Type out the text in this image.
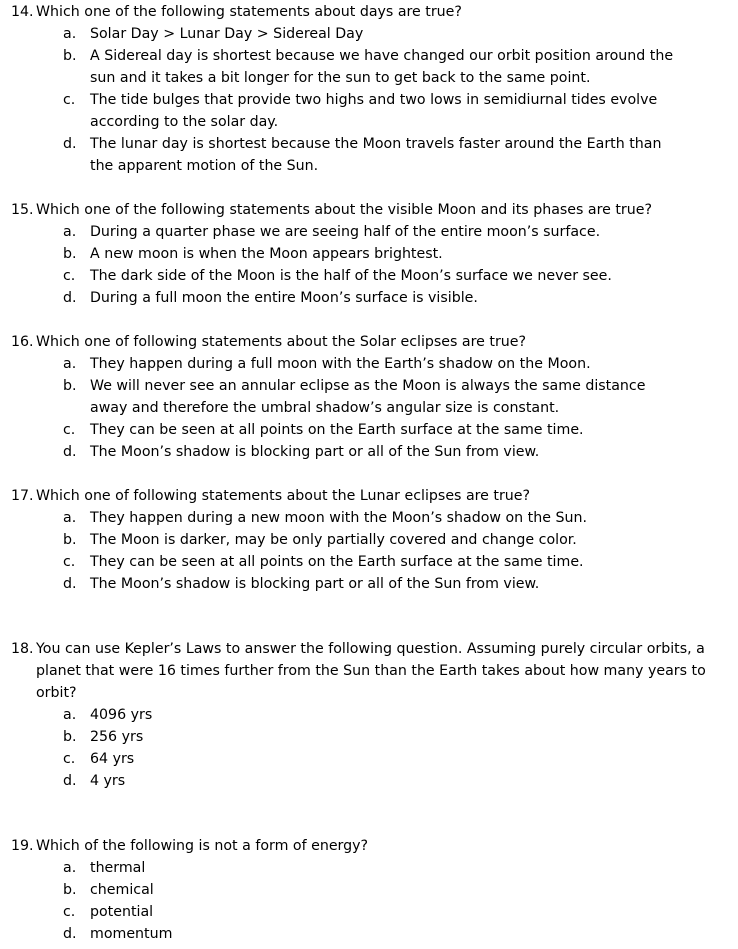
14. Which one of the following statements about days are true?
a. Solar Day > Lunar Day > Sidereal Day
b. A Sidereal day is shortest because we have changed our orbit position around the sun and it takes a bit longer for the sun to get back to the same point.
c. The tide bulges that provide two highs and two lows in semidiurnal tides evolve according to the solar day.
d. The lunar day is shortest because the Moon travels faster around the Earth than the apparent motion of the Sun.
15. Which one of the following statements about the visible Moon and its phases are true?
a. During a quarter phase we are seeing half of the entire moon’s surface.
b. A new moon is when the Moon appears brightest.
c. The dark side of the Moon is the half of the Moon’s surface we never see.
d. During a full moon the entire Moon’s surface is visible.
16. Which one of following statements about the Solar eclipses are true?
a. They happen during a full moon with the Earth’s shadow on the Moon.
b. We will never see an annular eclipse as the Moon is always the same distance away and therefore the umbral shadow’s angular size is constant.
c. They can be seen at all points on the Earth surface at the same time.
d. The Moon’s shadow is blocking part or all of the Sun from view.
17. Which one of following statements about the Lunar eclipses are true?
a. They happen during a new moon with the Moon’s shadow on the Sun.
b. The Moon is darker, may be only partially covered and change color.
c. They can be seen at all points on the Earth surface at the same time.
d. The Moon’s shadow is blocking part or all of the Sun from view.
18. You can use Kepler’s Laws to answer the following question. Assuming purely circular orbits, a planet that were 16 times further from the Sun than the Earth takes about how many years to orbit?
a. 4096 yrs
b. 256 yrs
c. 64 yrs
d. 4 yrs
19. Which of the following is not a form of energy?
a. thermal
b. chemical
c. potential
d. momentum
